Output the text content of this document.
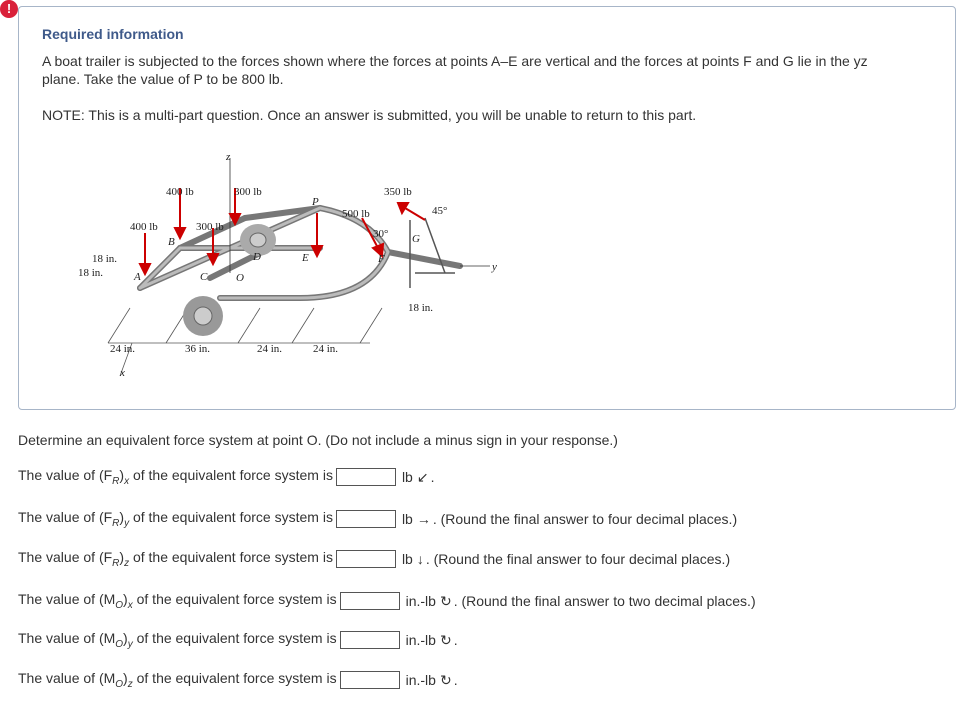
!
Required information
A boat trailer is subjected to the forces shown where the forces at points A–E are vertical and the forces at points F and G lie in the yz plane. Take the value of P to be 800 lb.
NOTE: This is a multi-part question. Once an answer is submitted, you will be unable to return to this part.
z
y
x
400 lb
400 lb
300 lb
300 lb
P
500 lb
350 lb
30°
45°
A
B
C
D	E	F
G
O
18 in.
18 in.
18 in.
24 in.	36 in.	24 in.	24 in.
Determine an equivalent force system at point O. (Do not include a minus sign in your response.)
The value of $(F_R)_x$ of the equivalent force system is	lb ↙ .
The value of $(F_R)_y$ of the equivalent force system is	lb → . (Round the final answer to four decimal places.)
The value of $(F_R)_z$ of the equivalent force system is	lb ↓ . (Round the final answer to four decimal places.)
The value of $(M_O)_x$ of the equivalent force system is	in.-lb ↻ . (Round the final answer to two decimal places.)
The value of $(M_O)_y$ of the equivalent force system is	in.-lb ↻ .
The value of $(M_O)_z$ of the equivalent force system is	in.-lb ↻ .
